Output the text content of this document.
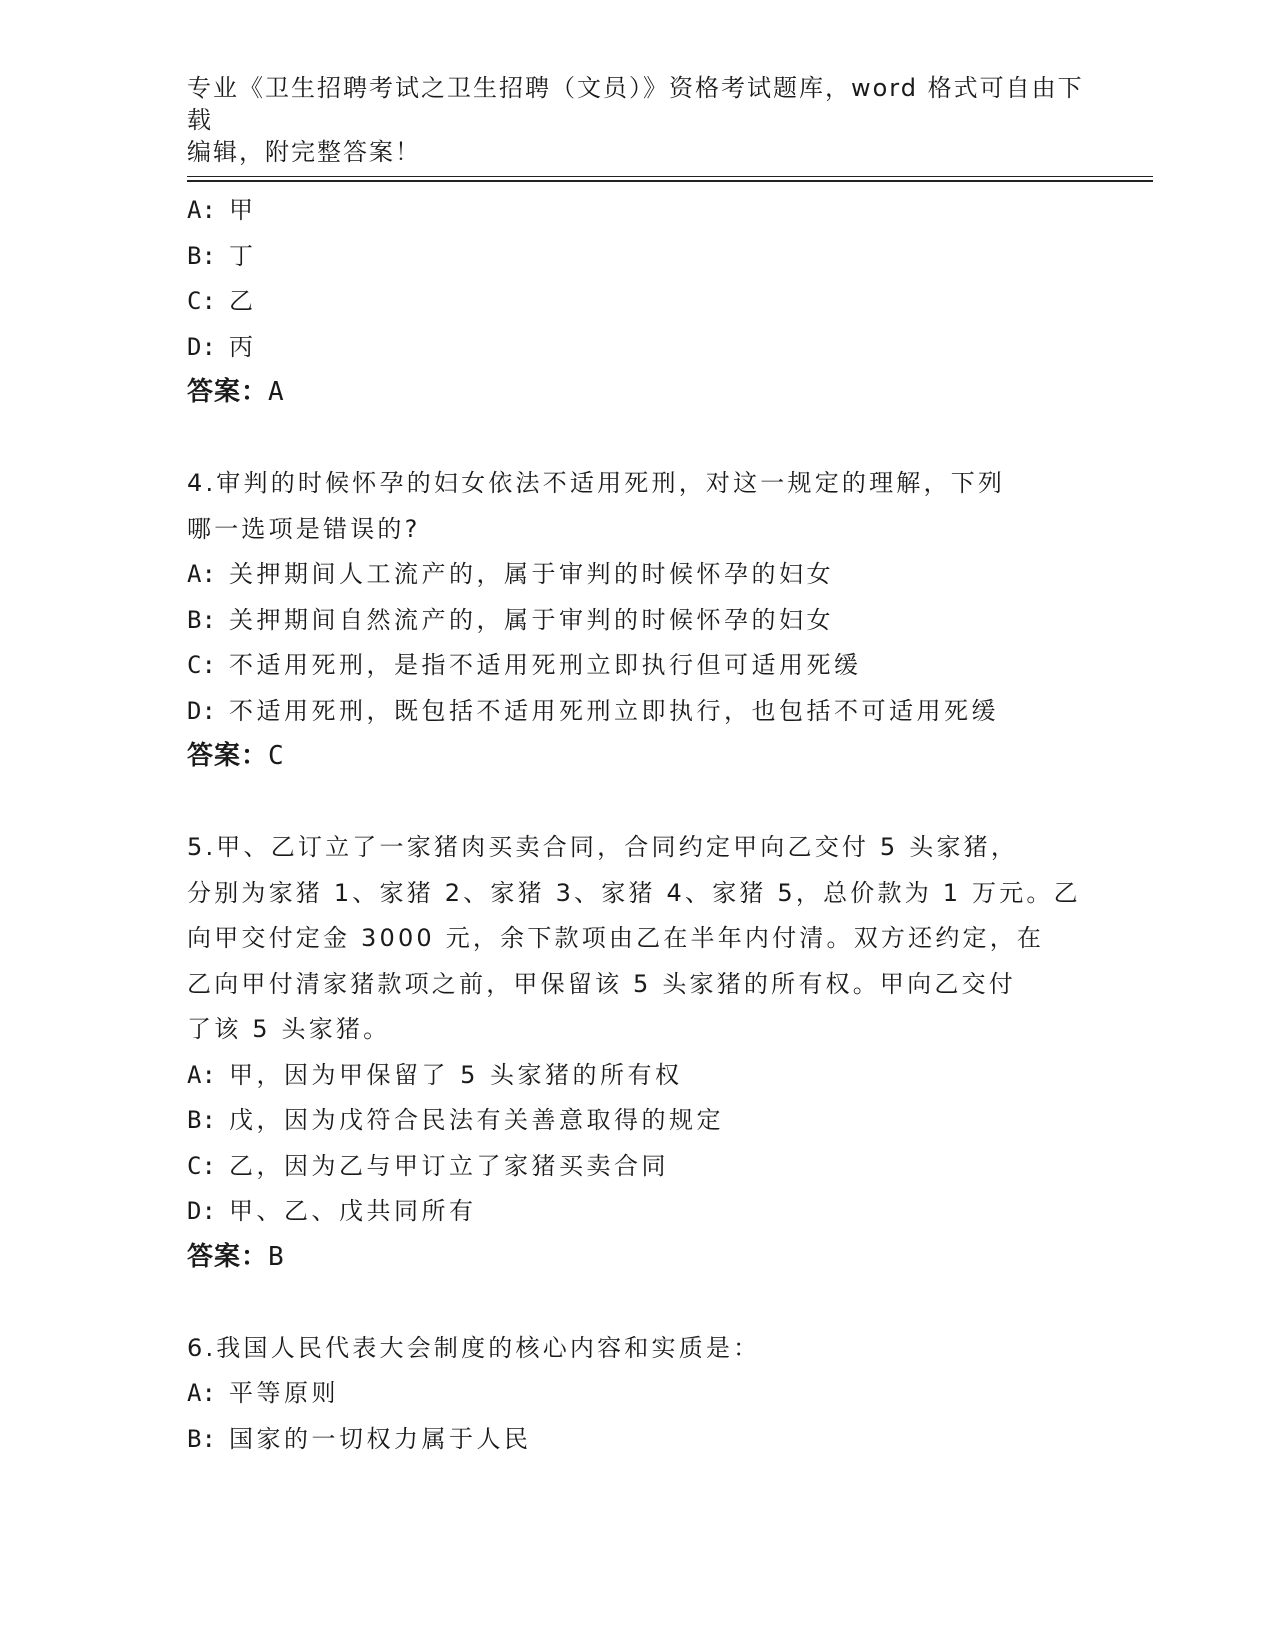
专业《卫生招聘考试之卫生招聘（文员）》资格考试题库，word 格式可自由下载
编辑，附完整答案！
A: 甲
B: 丁
C: 乙
D: 丙
答案：A
4.审判的时候怀孕的妇女依法不适用死刑，对这一规定的理解，下列
哪一选项是错误的?
A: 关押期间人工流产的，属于审判的时候怀孕的妇女
B: 关押期间自然流产的，属于审判的时候怀孕的妇女
C: 不适用死刑，是指不适用死刑立即执行但可适用死缓
D: 不适用死刑，既包括不适用死刑立即执行，也包括不可适用死缓
答案：C
5.甲、乙订立了一家猪肉买卖合同，合同约定甲向乙交付 5 头家猪，
分别为家猪 1、家猪 2、家猪 3、家猪 4、家猪 5，总价款为 1 万元。乙
向甲交付定金 3000 元，余下款项由乙在半年内付清。双方还约定，在
乙向甲付清家猪款项之前，甲保留该 5 头家猪的所有权。甲向乙交付
了该 5 头家猪。
A: 甲，因为甲保留了 5 头家猪的所有权
B: 戊，因为戊符合民法有关善意取得的规定
C: 乙，因为乙与甲订立了家猪买卖合同
D: 甲、乙、戊共同所有
答案：B
6.我国人民代表大会制度的核心内容和实质是：
A: 平等原则
B: 国家的一切权力属于人民
